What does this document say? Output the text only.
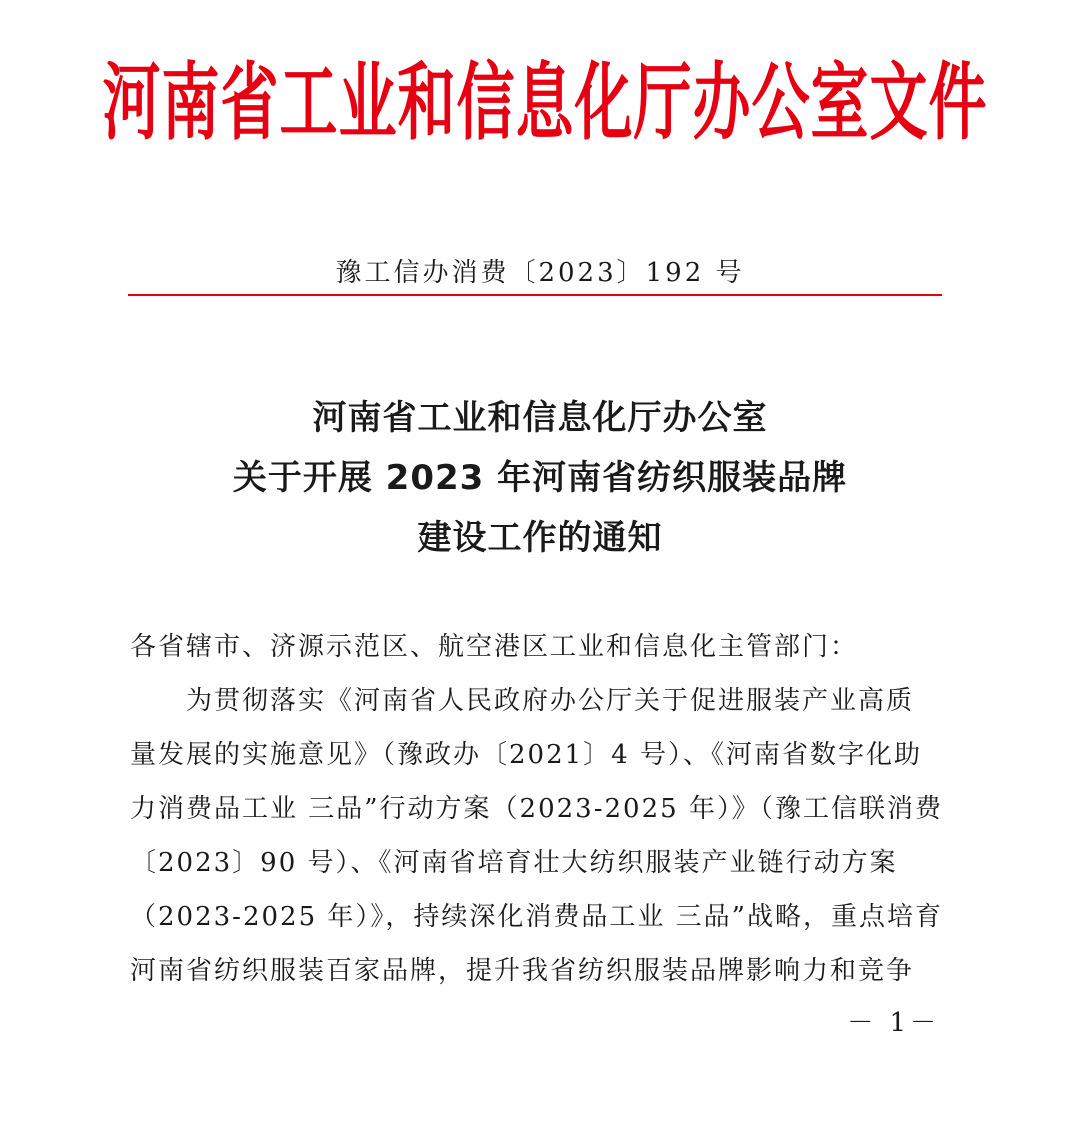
河南省工业和信息化厅办公室文件
豫工信办消费〔2023〕192 号
河南省工业和信息化厅办公室
关于开展 2023 年河南省纺织服装品牌
建设工作的通知
各省辖市、济源示范区、航空港区工业和信息化主管部门：
为贯彻落实《河南省人民政府办公厅关于促进服装产业高质
量发展的实施意见》（豫政办〔2021〕4 号）、《河南省数字化助
力消费品工业 三品”行动方案（2023-2025 年）》（豫工信联消费
〔2023〕90 号）、《河南省培育壮大纺织服装产业链行动方案
（2023-2025 年）》，持续深化消费品工业 三品”战略，重点培育
河南省纺织服装百家品牌，提升我省纺织服装品牌影响力和竞争
－ 1－
